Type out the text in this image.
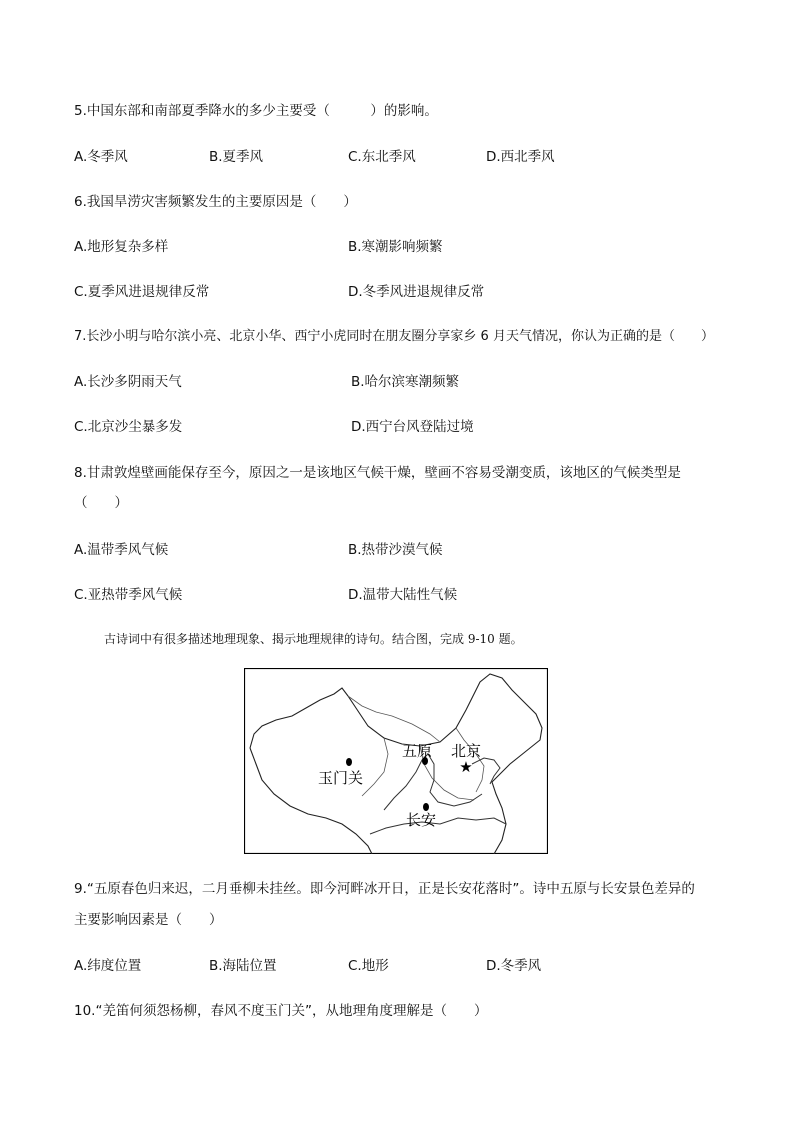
5.中国东部和南部夏季降水的多少主要受（　　　）的影响。
A.冬季风	B.夏季风	C.东北季风	D.西北季风
6.我国旱涝灾害频繁发生的主要原因是（　　）
A.地形复杂多样	B.寒潮影响频繁
C.夏季风进退规律反常	D.冬季风进退规律反常
7.长沙小明与哈尔滨小亮、北京小华、西宁小虎同时在朋友圈分享家乡 6 月天气情况，你认为正确的是（　　）
A.长沙多阴雨天气	B.哈尔滨寒潮频繁
C.北京沙尘暴多发	D.西宁台风登陆过境
8.甘肃敦煌壁画能保存至今，原因之一是该地区气候干燥，壁画不容易受潮变质，该地区的气候类型是
（　　）
A.温带季风气候	B.热带沙漠气候
C.亚热带季风气候	D.温带大陆性气候
古诗词中有很多描述地理现象、揭示地理规律的诗句。结合图，完成 9-10 题。
★
五原 北京
玉门关
长安
9.“五原春色归来迟，二月垂柳未挂丝。即今河畔冰开日，正是长安花落时”。诗中五原与长安景色差异的
主要影响因素是（　　）
A.纬度位置	B.海陆位置	C.地形	D.冬季风
10.“羌笛何须怨杨柳，春风不度玉门关”，从地理角度理解是（　　）
